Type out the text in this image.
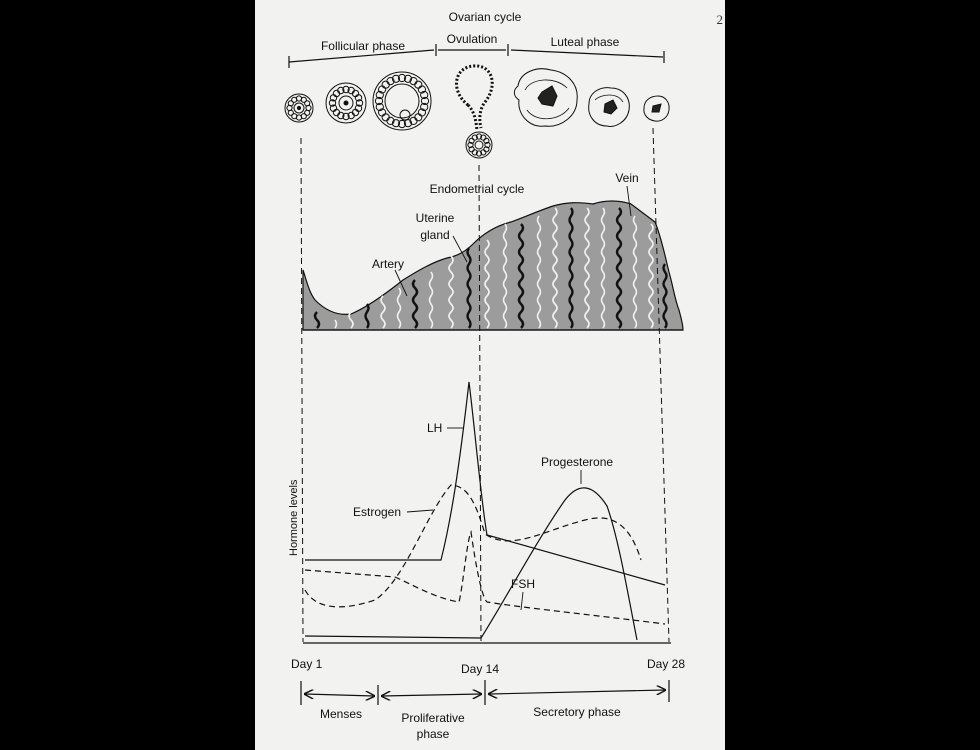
2
Ovarian cycle
Follicular phase	Ovulation	Luteal phase
Endometrial cycle
Vein
Uterine
gland
Artery
Hormone levels
LH
Progesterone
Estrogen
FSH
Day 1	Day 14	Day 28
Menses	Proliferative
phase
Secretory phase
